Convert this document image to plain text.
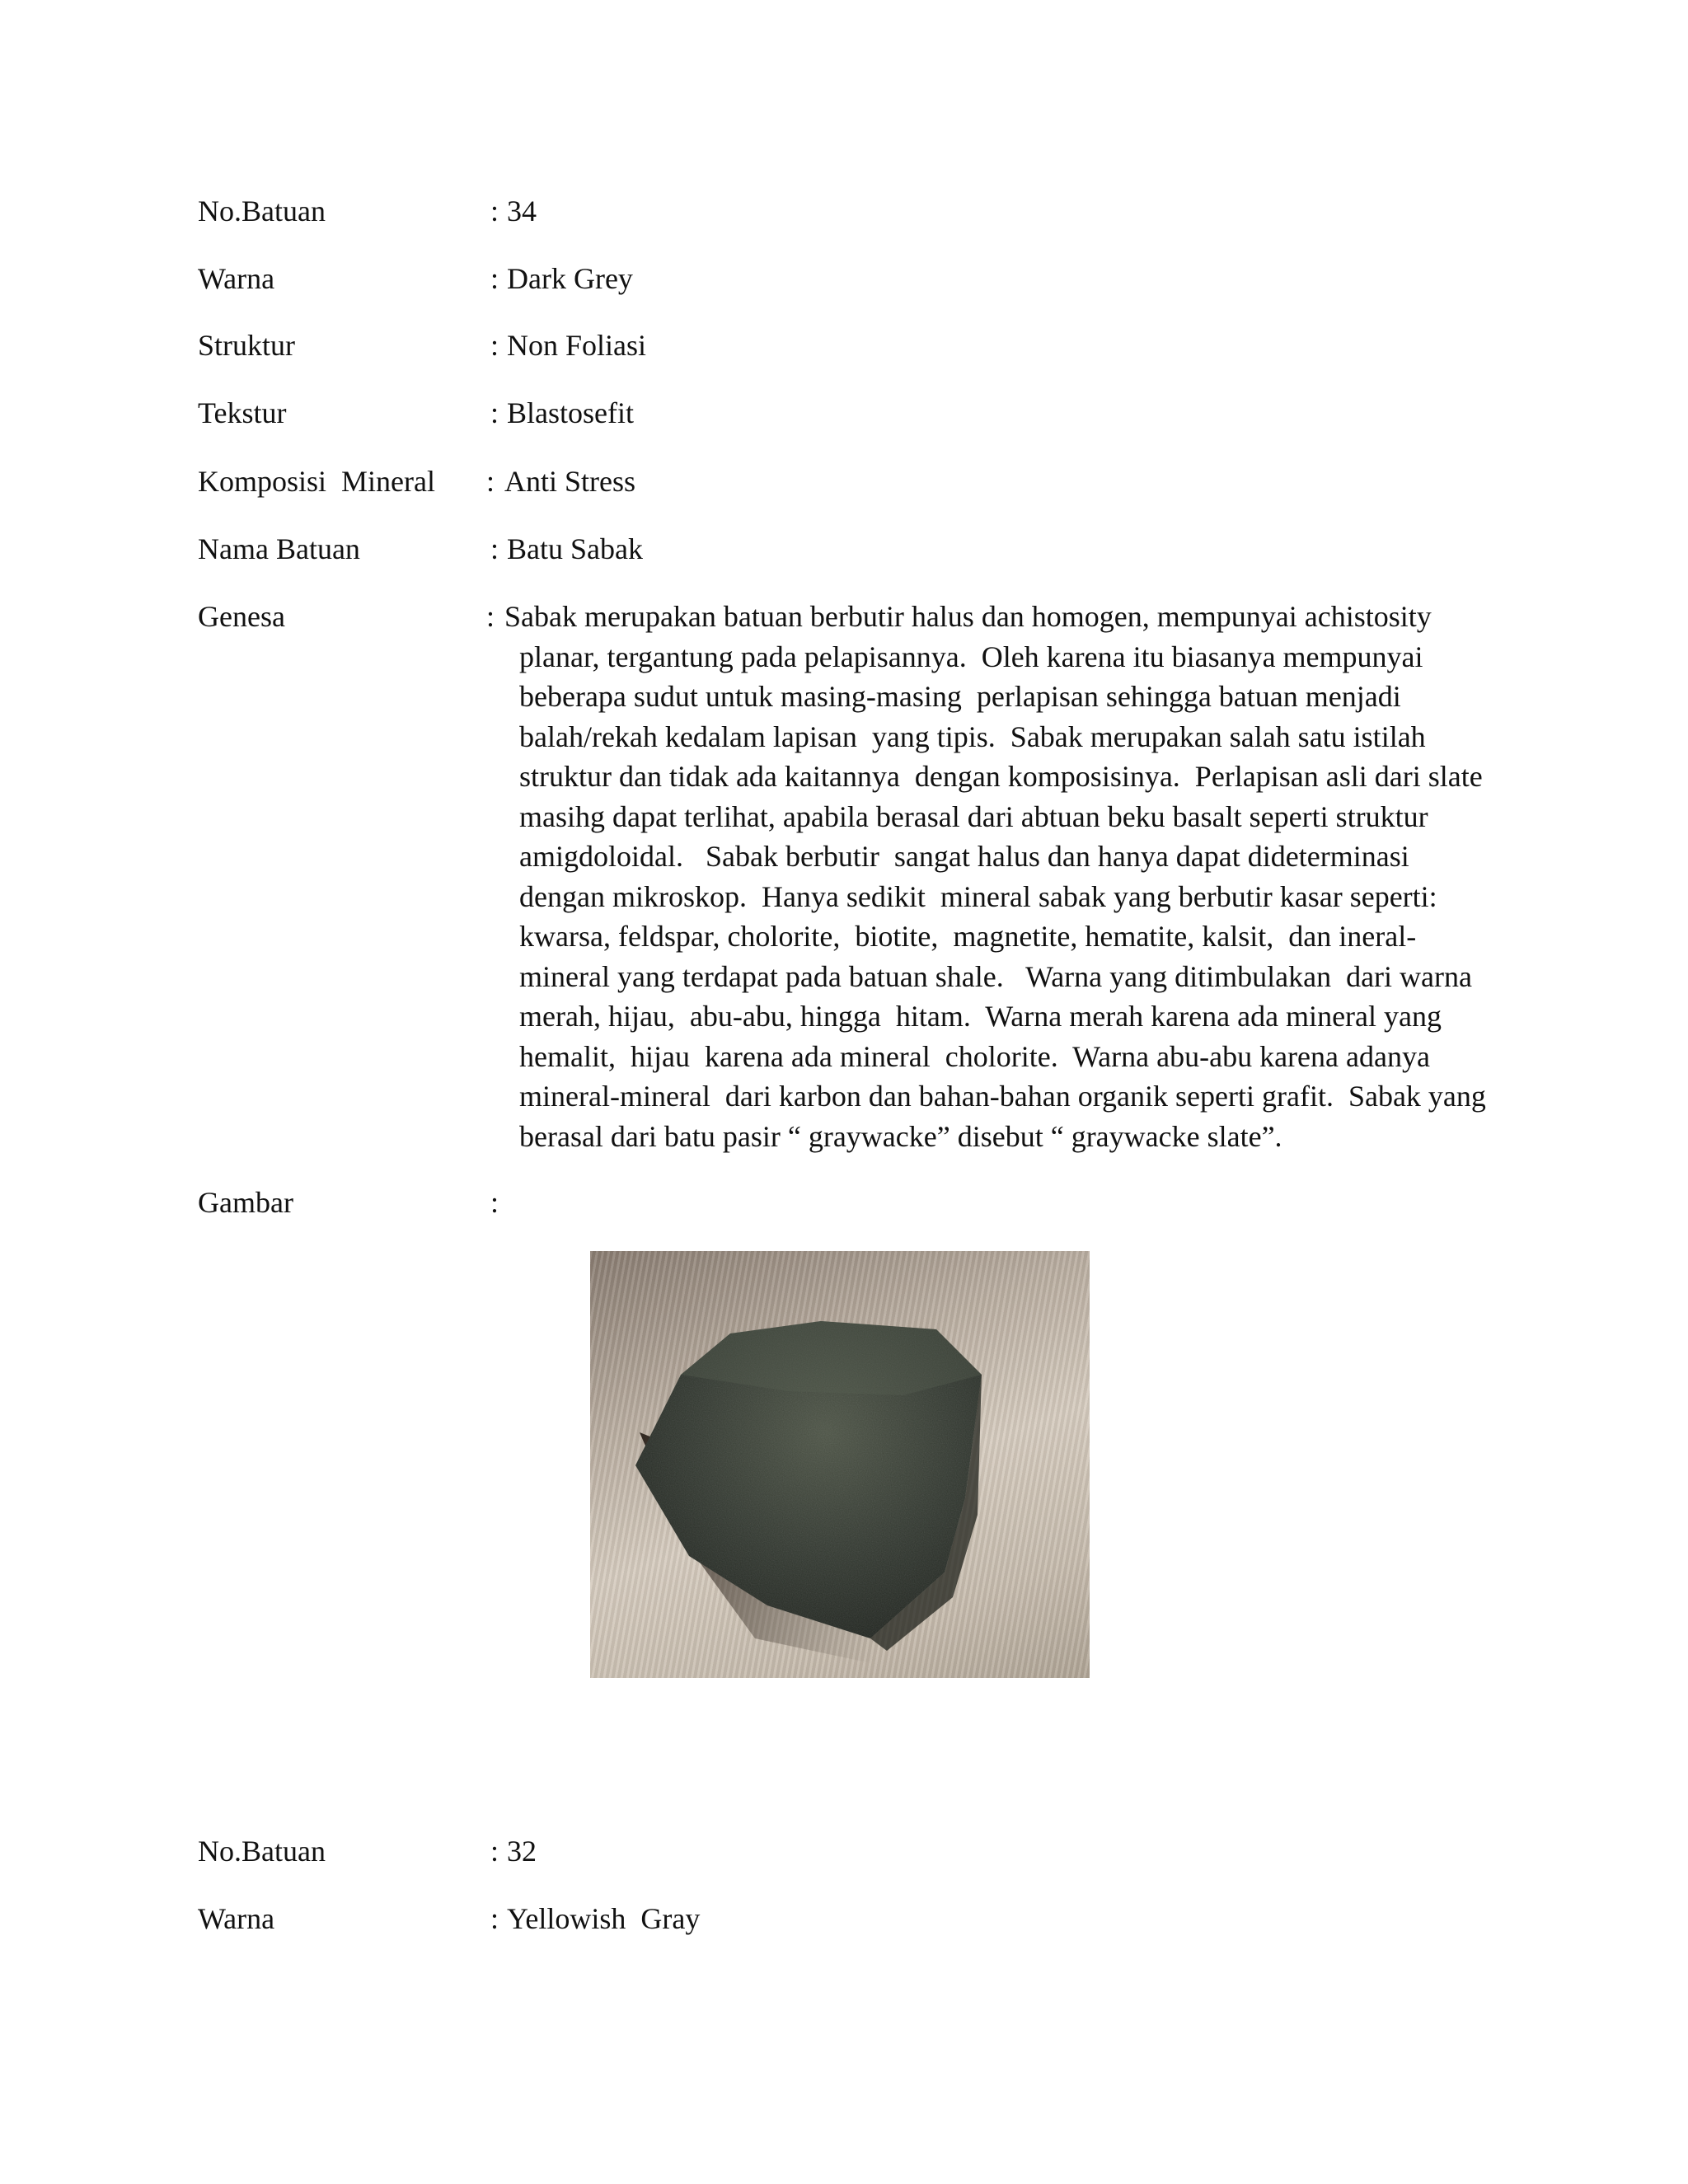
No.Batuan	: 34
Warna	: Dark Grey
Struktur	: Non Foliasi
Tekstur	: Blastosefit
Komposisi  Mineral : Anti Stress
Nama Batuan	: Batu Sabak
Genesa	: Sabak merupakan batuan berbutir halus dan homogen, mempunyai achistosity
planar, tergantung pada pelapisannya.  Oleh karena itu biasanya mempunyai
beberapa sudut untuk masing-masing  perlapisan sehingga batuan menjadi
balah/rekah kedalam lapisan  yang tipis.  Sabak merupakan salah satu istilah
struktur dan tidak ada kaitannya  dengan komposisinya.  Perlapisan asli dari slate
masihg dapat terlihat, apabila berasal dari abtuan beku basalt seperti struktur
amigdoloidal.   Sabak berbutir  sangat halus dan hanya dapat dideterminasi
dengan mikroskop.  Hanya sedikit  mineral sabak yang berbutir kasar seperti:
kwarsa, feldspar, cholorite,  biotite,  magnetite, hematite, kalsit,  dan ineral-
mineral yang terdapat pada batuan shale.   Warna yang ditimbulakan  dari warna
merah, hijau,  abu-abu, hingga  hitam.  Warna merah karena ada mineral yang
hemalit,  hijau  karena ada mineral  cholorite.  Warna abu-abu karena adanya
mineral-mineral  dari karbon dan bahan-bahan organik seperti grafit.  Sabak yang
berasal dari batu pasir “ graywacke” disebut “ graywacke slate”.
Gambar	:
No.Batuan	: 32
Warna	: Yellowish  Gray
